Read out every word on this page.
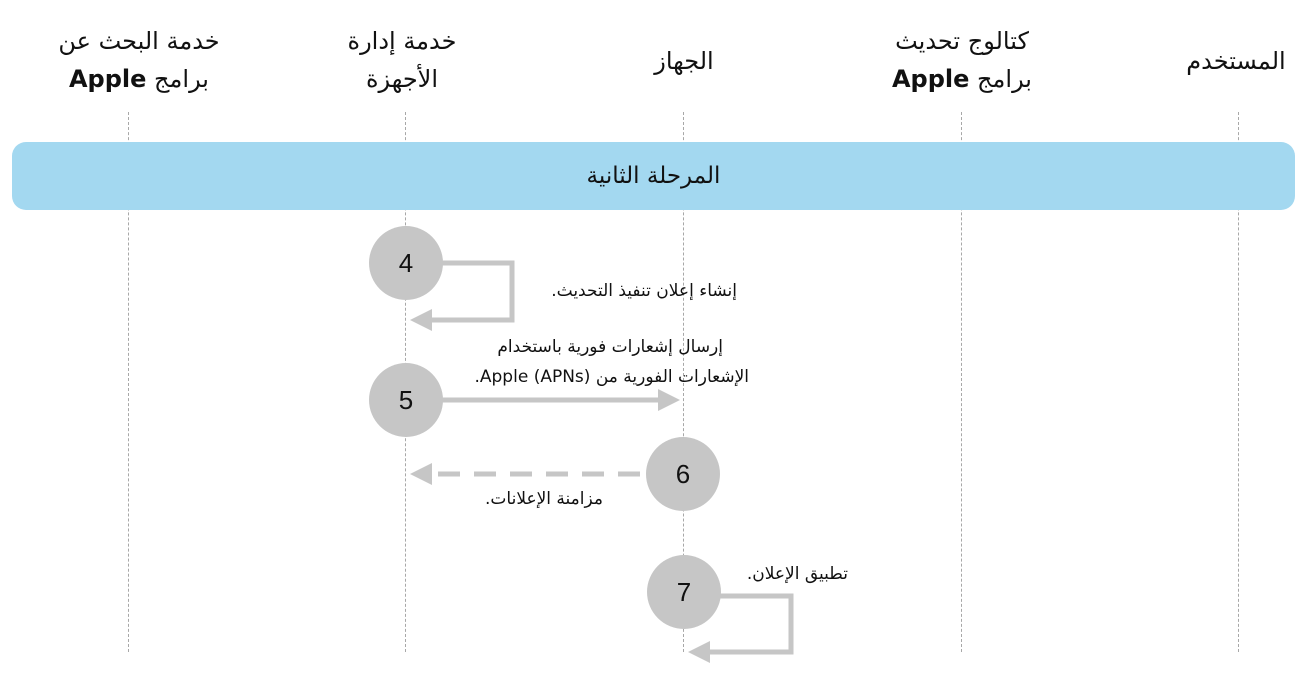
خدمة البحث عن
برامج Apple
خدمة إدارة
الأجهزة
الجهاز
كتالوج تحديث
برامج Apple
المستخدم
المرحلة الثانية
4
5
6
7
إنشاء إعلان تنفيذ التحديث.
إرسال إشعارات فورية باستخدام
الإشعارات الفورية من Apple (APNs).
مزامنة الإعلانات.
تطبيق الإعلان.
